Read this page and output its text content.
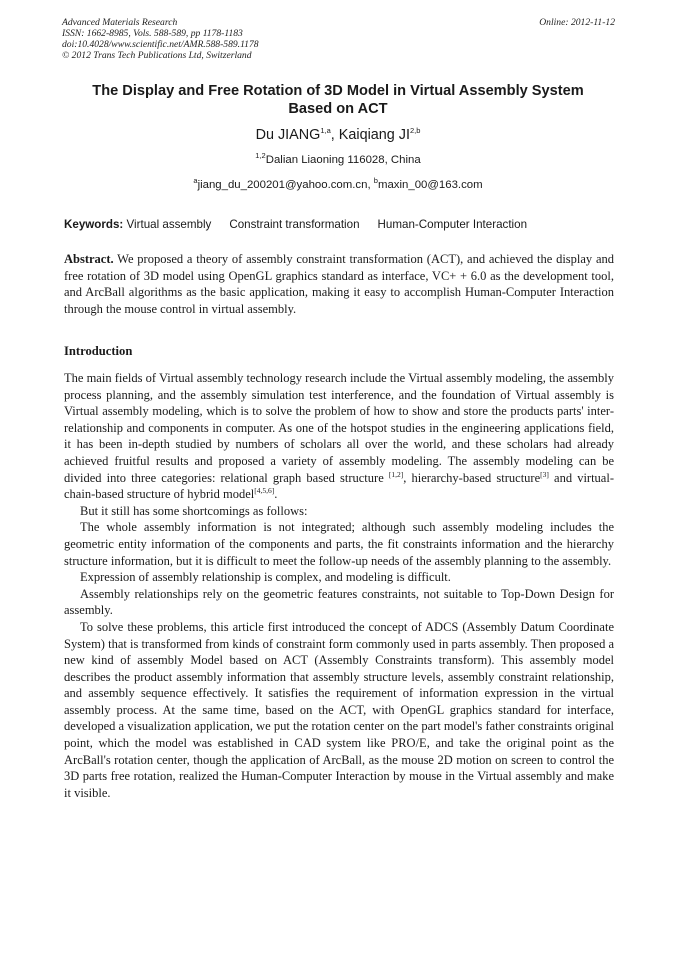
Advanced Materials Research
ISSN: 1662-8985, Vols. 588-589, pp 1178-1183
doi:10.4028/www.scientific.net/AMR.588-589.1178
© 2012 Trans Tech Publications Ltd, Switzerland
Online: 2012-11-12
The Display and Free Rotation of 3D Model in Virtual Assembly System
Based on ACT
Du JIANG$^{1,a}$, Kaiqiang JI$^{2,b}$
$^{1,2}$Dalian Liaoning 116028, China
$^a$jiang_du_200201@yahoo.com.cn, $^b$maxin_00@163.com
Keywords: Virtual assembly Constraint transformation Human-Computer Interaction
Abstract. We proposed a theory of assembly constraint transformation (ACT), and achieved the display and free rotation of 3D model using OpenGL graphics standard as interface, VC+ + 6.0 as the development tool, and ArcBall algorithms as the basic application, making it easy to accomplish Human-Computer Interaction through the mouse control in virtual assembly.
Introduction

The main fields of Virtual assembly technology research include the Virtual assembly modeling, the assembly process planning, and the assembly simulation test interference, and the foundation of Virtual assembly is Virtual assembly modeling, which is to solve the problem of how to show and store the products parts' inter-relationship and components in computer. As one of the hotspot studies in the engineering applications field, it has been in-depth studied by numbers of scholars all over the world, and these scholars had already achieved fruitful results and proposed a variety of assembly modeling. The assembly modeling can be divided into three categories: relational graph based structure [1,2], hierarchy-based structure[3] and virtual-chain-based structure of hybrid model[4,5,6].

But it still has some shortcomings as follows:

The whole assembly information is not integrated; although such assembly modeling includes the geometric entity information of the components and parts, the fit constraints information and the hierarchy structure information, but it is difficult to meet the follow-up needs of the assembly planning to the assembly.

Expression of assembly relationship is complex, and modeling is difficult.

Assembly relationships rely on the geometric features constraints, not suitable to Top-Down Design for assembly.

To solve these problems, this article first introduced the concept of ADCS (Assembly Datum Coordinate System) that is transformed from kinds of constraint form commonly used in parts assembly. Then proposed a new kind of assembly Model based on ACT (Assembly Constraints transform). This assembly model describes the product assembly information that assembly structure levels, assembly constraint relationship, and assembly sequence effectively. It satisfies the requirement of information expression in the virtual assembly process. At the same time, based on the ACT, with OpenGL graphics standard for interface, developed a visualization application, we put the rotation center on the part model's father constraints original point, which the model was established in CAD system like PRO/E, and take the original point as the ArcBall's rotation center, though the application of ArcBall, as the mouse 2D motion on screen to control the 3D parts free rotation, realized the Human-Computer Interaction by mouse in the Virtual assembly and make it visible.
